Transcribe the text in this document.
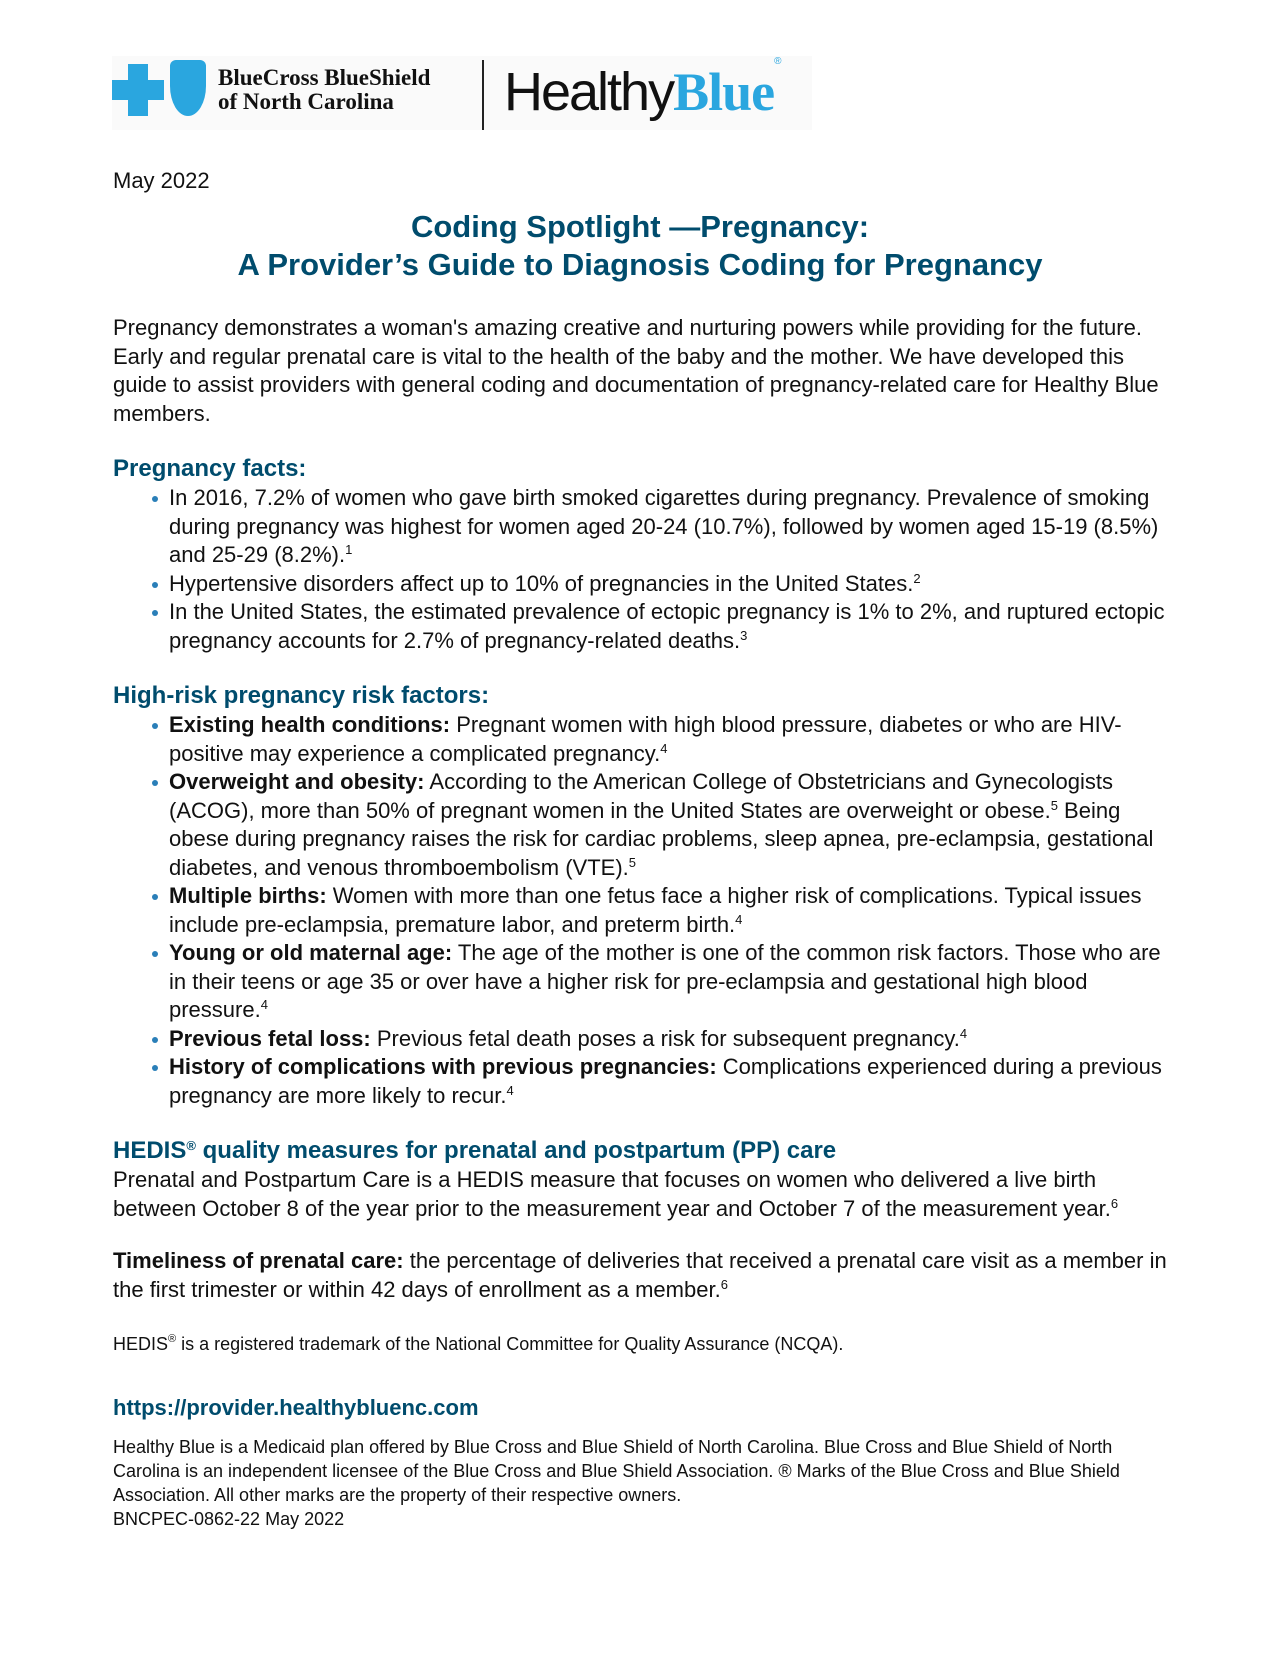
BlueCross BlueShield
of North Carolina	HealthyBlue®
May 2022
Coding Spotlight —Pregnancy:
A Provider’s Guide to Diagnosis Coding for Pregnancy

Pregnancy demonstrates a woman's amazing creative and nurturing powers while providing for the future. Early and regular prenatal care is vital to the health of the baby and the mother. We have developed this guide to assist providers with general coding and documentation of pregnancy-related care for Healthy Blue members.

Pregnancy facts:
In 2016, 7.2% of women who gave birth smoked cigarettes during pregnancy. Prevalence of smoking during pregnancy was highest for women aged 20-24 (10.7%), followed by women aged 15-19 (8.5%) and 25-29 (8.2%).$^1$
Hypertensive disorders affect up to 10% of pregnancies in the United States.$^2$
In the United States, the estimated prevalence of ectopic pregnancy is 1% to 2%, and ruptured ectopic pregnancy accounts for 2.7% of pregnancy-related deaths.$^3$
High-risk pregnancy risk factors:
Existing health conditions: Pregnant women with high blood pressure, diabetes or who are HIV-positive may experience a complicated pregnancy.$^4$
Overweight and obesity: According to the American College of Obstetricians and Gynecologists (ACOG), more than 50% of pregnant women in the United States are overweight or obese.$^5$ Being obese during pregnancy raises the risk for cardiac problems, sleep apnea, pre-eclampsia, gestational diabetes, and venous thromboembolism (VTE).$^5$
Multiple births: Women with more than one fetus face a higher risk of complications. Typical issues include pre-eclampsia, premature labor, and preterm birth.$^4$
Young or old maternal age: The age of the mother is one of the common risk factors. Those who are in their teens or age 35 or over have a higher risk for pre-eclampsia and gestational high blood pressure.$^4$
Previous fetal loss: Previous fetal death poses a risk for subsequent pregnancy.$^4$
History of complications with previous pregnancies: Complications experienced during a previous pregnancy are more likely to recur.$^4$
HEDIS® quality measures for prenatal and postpartum (PP) care

Prenatal and Postpartum Care is a HEDIS measure that focuses on women who delivered a live birth between October 8 of the year prior to the measurement year and October 7 of the measurement year.$^6$

Timeliness of prenatal care: the percentage of deliveries that received a prenatal care visit as a member in the first trimester or within 42 days of enrollment as a member.$^6$

HEDIS® is a registered trademark of the National Committee for Quality Assurance (NCQA).

https://provider.healthybluenc.com

Healthy Blue is a Medicaid plan offered by Blue Cross and Blue Shield of North Carolina. Blue Cross and Blue Shield of North Carolina is an independent licensee of the Blue Cross and Blue Shield Association. ® Marks of the Blue Cross and Blue Shield Association. All other marks are the property of their respective owners.

BNCPEC-0862-22 May 2022
